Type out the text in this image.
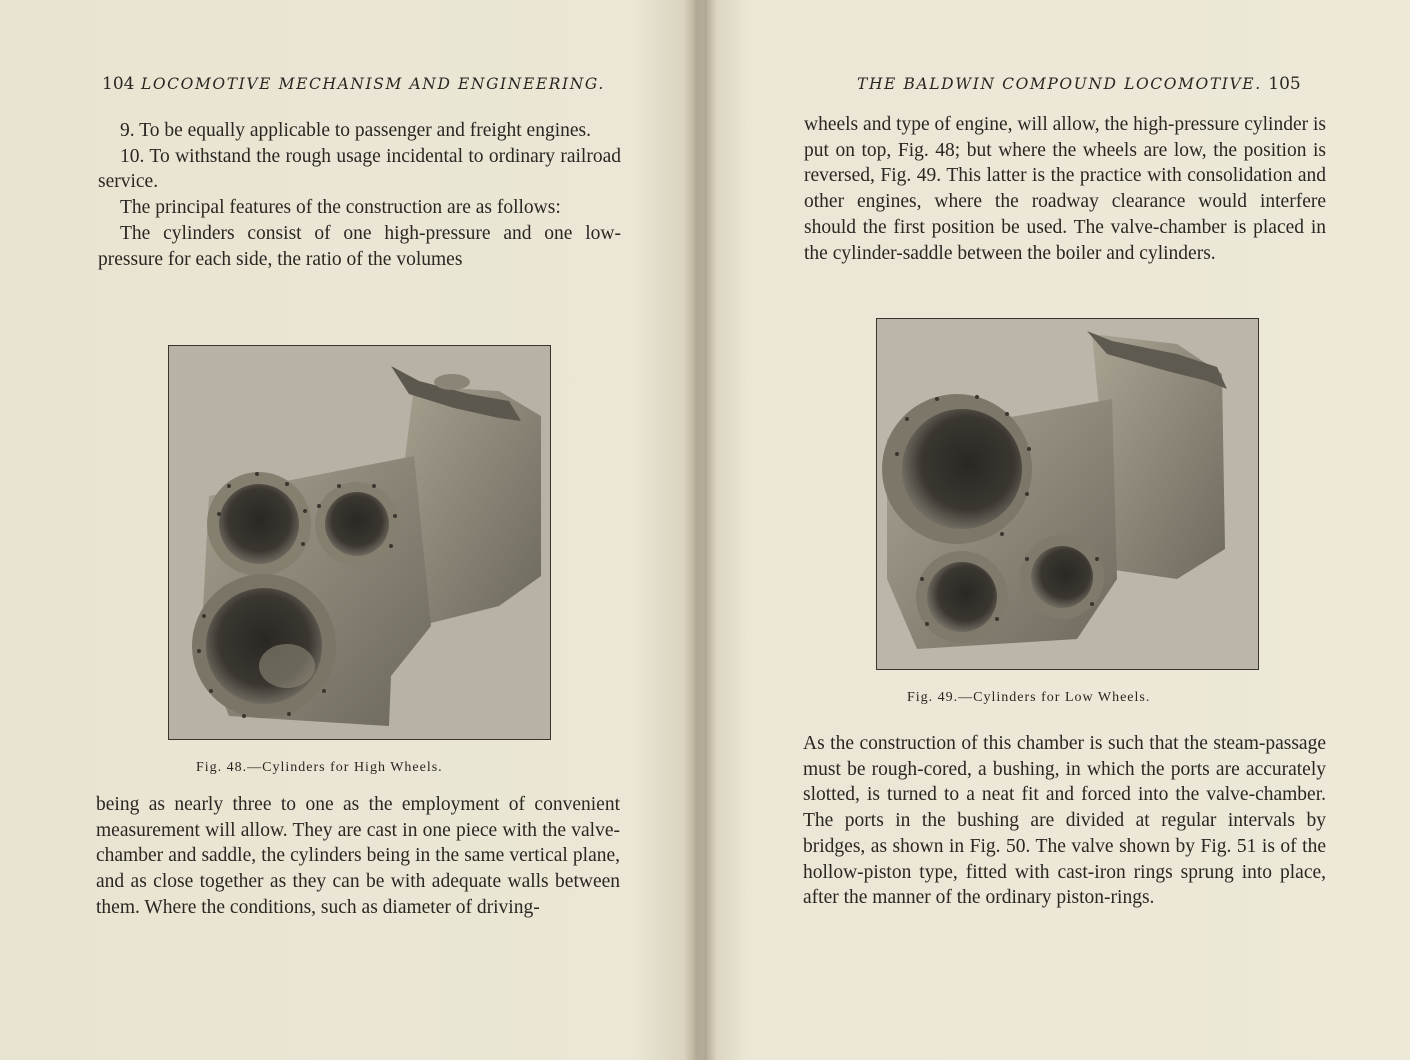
104 LOCOMOTIVE MECHANISM AND ENGINEERING.

9. To be equally applicable to passenger and freight engines.

10. To withstand the rough usage incidental to ordinary railroad service.

The principal features of the construction are as follows:

The cylinders consist of one high-pressure and one low-pressure for each side, the ratio of the volumes

Fig. 48.—Cylinders for High Wheels.

being as nearly three to one as the employment of convenient measurement will allow. They are cast in one piece with the valve-chamber and saddle, the cylinders being in the same vertical plane, and as close together as they can be with adequate walls between them. Where the conditions, such as diameter of driving-

THE BALDWIN COMPOUND LOCOMOTIVE. 105

wheels and type of engine, will allow, the high-pressure cylinder is put on top, Fig. 48; but where the wheels are low, the position is reversed, Fig. 49. This latter is the practice with consolidation and other engines, where the roadway clearance would interfere should the first position be used. The valve-chamber is placed in the cylinder-saddle between the boiler and cylinders.

Fig. 49.—Cylinders for Low Wheels.

As the construction of this chamber is such that the steam-passage must be rough-cored, a bushing, in which the ports are accurately slotted, is turned to a neat fit and forced into the valve-chamber. The ports in the bushing are divided at regular intervals by bridges, as shown in Fig. 50. The valve shown by Fig. 51 is of the hollow-piston type, fitted with cast-iron rings sprung into place, after the manner of the ordinary piston-rings.
